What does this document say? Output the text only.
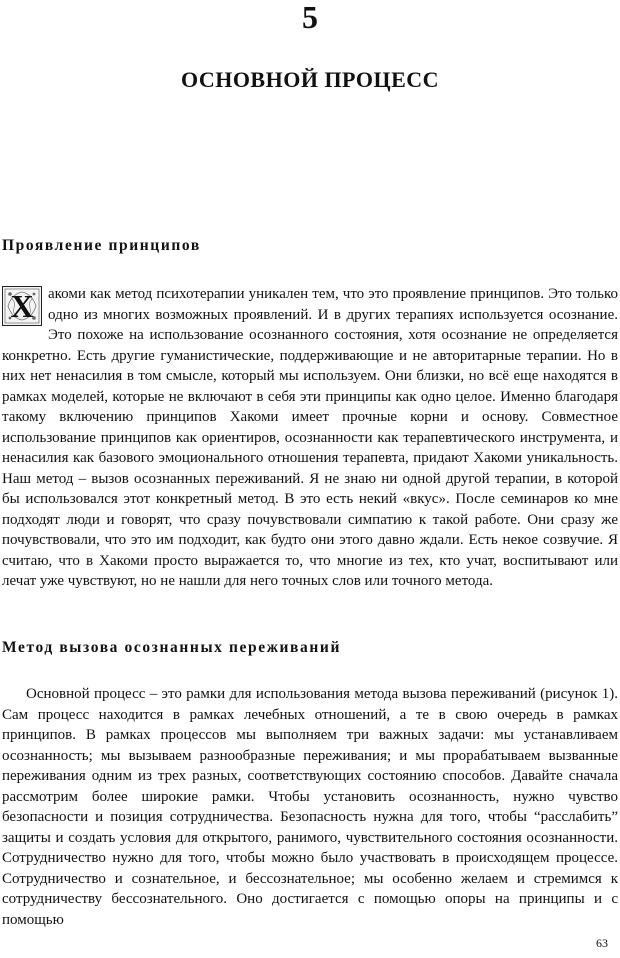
5
ОСНОВНОЙ ПРОЦЕСС
Проявление принципов

Х акоми как метод психотерапии уникален тем, что это проявление принципов. Это только одно из многих возможных проявлений. И в других терапиях используется осознание. Это похоже на использование осознанного состояния, хотя осознание не определяется конкретно. Есть другие гуманистические, поддерживающие и не авторитарные терапии. Но в них нет ненасилия в том смысле, который мы используем. Они близки, но всё еще находятся в рамках моделей, которые не включают в себя эти принципы как одно целое. Именно благодаря такому включению принципов Хакоми имеет прочные корни и основу. Совместное использование принципов как ориентиров, осознанности как терапевтического инструмента, и ненасилия как базового эмоционального отношения терапевта, придают Хакоми уникальность. Наш метод – вызов осознанных переживаний. Я не знаю ни одной другой терапии, в которой бы использовался этот конкретный метод. В это есть некий «вкус». После семинаров ко мне подходят люди и говорят, что сразу почувствовали симпатию к такой работе. Они сразу же почувствовали, что это им подходит, как будто они этого давно ждали. Есть некое созвучие. Я считаю, что в Хакоми просто выражается то, что многие из тех, кто учат, воспитывают или лечат уже чувствуют, но не нашли для него точных слов или точного метода.

Метод вызова осознанных переживаний

Основной процесс – это рамки для использования метода вызова переживаний (рисунок 1). Сам процесс находится в рамках лечебных отношений, а те в свою очередь в рамках принципов. В рамках процессов мы выполняем три важных задачи: мы устанавливаем осознанность; мы вызываем разнообразные переживания; и мы прорабатываем вызванные переживания одним из трех разных, соответствующих состоянию способов. Давайте сначала рассмотрим более широкие рамки. Чтобы установить осознанность, нужно чувство безопасности и позиция сотрудничества. Безопасность нужна для того, чтобы “расслабить” защиты и создать условия для открытого, ранимого, чувствительного состояния осознанности. Сотрудничество нужно для того, чтобы можно было участвовать в происходящем процессе. Сотрудничество и сознательное, и бессознательное; мы особенно желаем и стремимся к сотрудничеству бессознательного. Оно достигается с помощью опоры на принципы и с помощью

63
